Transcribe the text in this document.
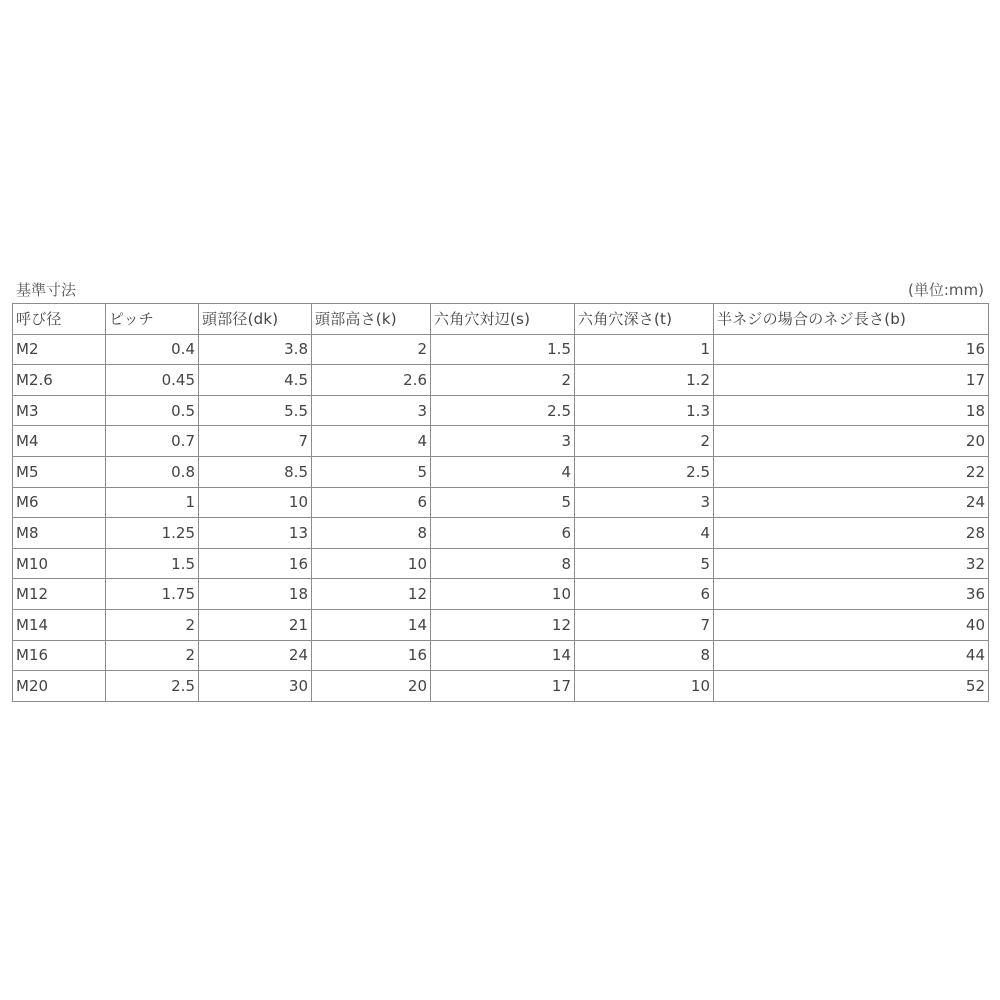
基準寸法	(単位:mm)
呼び径	ピッチ	頭部径(dk)	頭部高さ(k)	六角穴対辺(s)	六角穴深さ(t)	半ネジの場合のネジ長さ(b)
M2	0.4	3.8	2	1.5	1	16
M2.6	0.45	4.5	2.6	2	1.2	17
M3	0.5	5.5	3	2.5	1.3	18
M4	0.7	7	4	3	2	20
M5	0.8	8.5	5	4	2.5	22
M6	1	10	6	5	3	24
M8	1.25	13	8	6	4	28
M10	1.5	16	10	8	5	32
M12	1.75	18	12	10	6	36
M14	2	21	14	12	7	40
M16	2	24	16	14	8	44
M20	2.5	30	20	17	10	52
